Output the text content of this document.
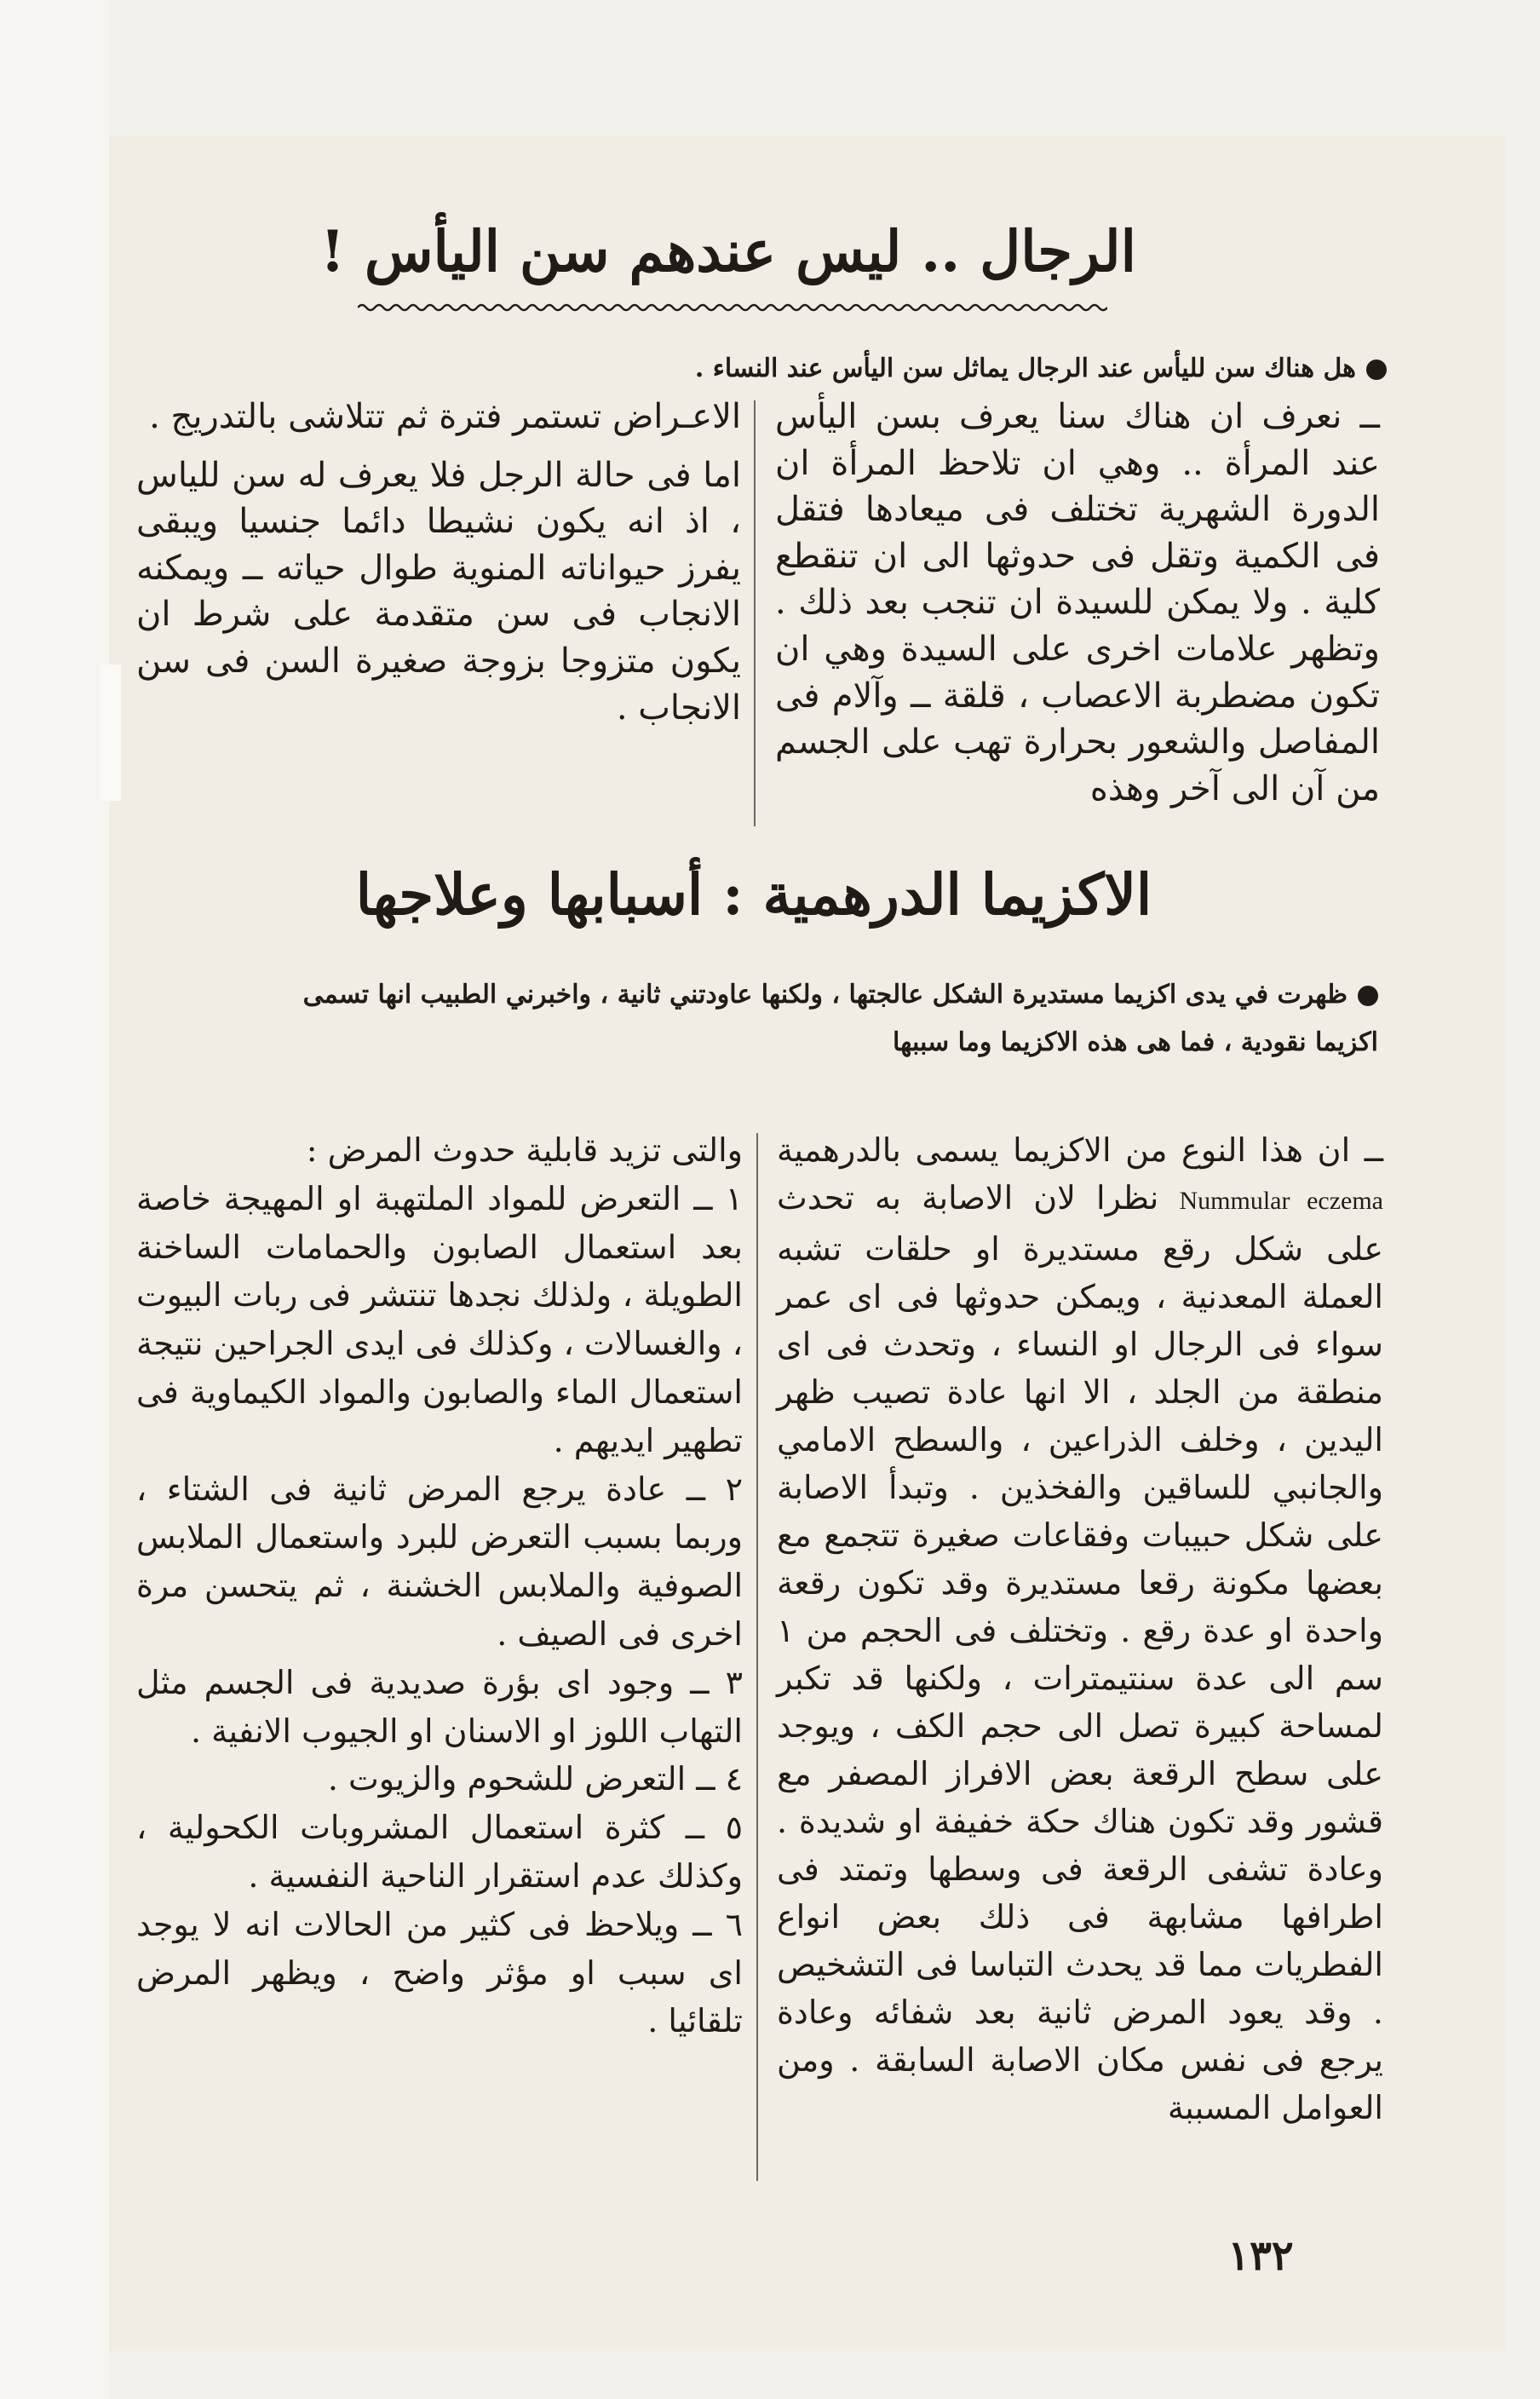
الرجال .. ليس عندهم سن اليأس !
هل هناك سن لليأس عند الرجال يماثل سن اليأس عند النساء .

ــ نعرف ان هناك سنا يعرف بسن اليأس عند المرأة .. وهي ان تلاحظ المرأة ان الدورة الشهرية تختلف فى ميعادها فتقل فى الكمية وتقل فى حدوثها الى ان تنقطع كلية . ولا يمكن للسيدة ان تنجب بعد ذلك . وتظهر علامات اخرى على السيدة وهي ان تكون مضطربة الاعصاب ، قلقة ــ وآلام فى المفاصل والشعور بحرارة تهب على الجسم من آن الى آخر وهذه

الاعـراض تستمر فترة ثم تتلاشى بالتدريج .

اما فى حالة الرجل فلا يعرف له سن للياس ، اذ انه يكون نشيطا دائما جنسيا ويبقى يفرز حيواناته المنوية طوال حياته ــ ويمكنه الانجاب فى سن متقدمة على شرط ان يكون متزوجا بزوجة صغيرة السن فى سن الانجاب .

الاكزيما الدرهمية : أسبابها وعلاجها
ظهرت في يدى اكزيما مستديرة الشكل عالجتها ، ولكنها عاودتني ثانية ، واخبرني الطبيب انها تسمى اكزيما نقودية ، فما هى هذه الاكزيما وما سببها

ــ ان هذا النوع من الاكزيما يسمى بالدرهمية Nummular eczema نظرا لان الاصابة به تحدث على شكل رقع مستديرة او حلقات تشبه العملة المعدنية ، ويمكن حدوثها فى اى عمر سواء فى الرجال او النساء ، وتحدث فى اى منطقة من الجلد ، الا انها عادة تصيب ظهر اليدين ، وخلف الذراعين ، والسطح الامامي والجانبي للساقين والفخذين . وتبدأ الاصابة على شكل حبيبات وفقاعات صغيرة تتجمع مع بعضها مكونة رقعا مستديرة وقد تكون رقعة واحدة او عدة رقع . وتختلف فى الحجم من ١ سم الى عدة سنتيمترات ، ولكنها قد تكبر لمساحة كبيرة تصل الى حجم الكف ، ويوجد على سطح الرقعة بعض الافراز المصفر مع قشور وقد تكون هناك حكة خفيفة او شديدة . وعادة تشفى الرقعة فى وسطها وتمتد فى اطرافها مشابهة فى ذلك بعض انواع الفطريات مما قد يحدث التباسا فى التشخيص . وقد يعود المرض ثانية بعد شفائه وعادة يرجع فى نفس مكان الاصابة السابقة . ومن العوامل المسببة

والتى تزيد قابلية حدوث المرض :

١ ــ التعرض للمواد الملتهبة او المهيجة خاصة بعد استعمال الصابون والحمامات الساخنة الطويلة ، ولذلك نجدها تنتشر فى ربات البيوت ، والغسالات ، وكذلك فى ايدى الجراحين نتيجة استعمال الماء والصابون والمواد الكيماوية فى تطهير ايديهم .

٢ ــ عادة يرجع المرض ثانية فى الشتاء ، وربما بسبب التعرض للبرد واستعمال الملابس الصوفية والملابس الخشنة ، ثم يتحسن مرة اخرى فى الصيف .

٣ ــ وجود اى بؤرة صديدية فى الجسم مثل التهاب اللوز او الاسنان او الجيوب الانفية .

٤ ــ التعرض للشحوم والزيوت .

٥ ــ كثرة استعمال المشروبات الكحولية ، وكذلك عدم استقرار الناحية النفسية .

٦ ــ ويلاحظ فى كثير من الحالات انه لا يوجد اى سبب او مؤثر واضح ، ويظهر المرض تلقائيا .

١٣٢
